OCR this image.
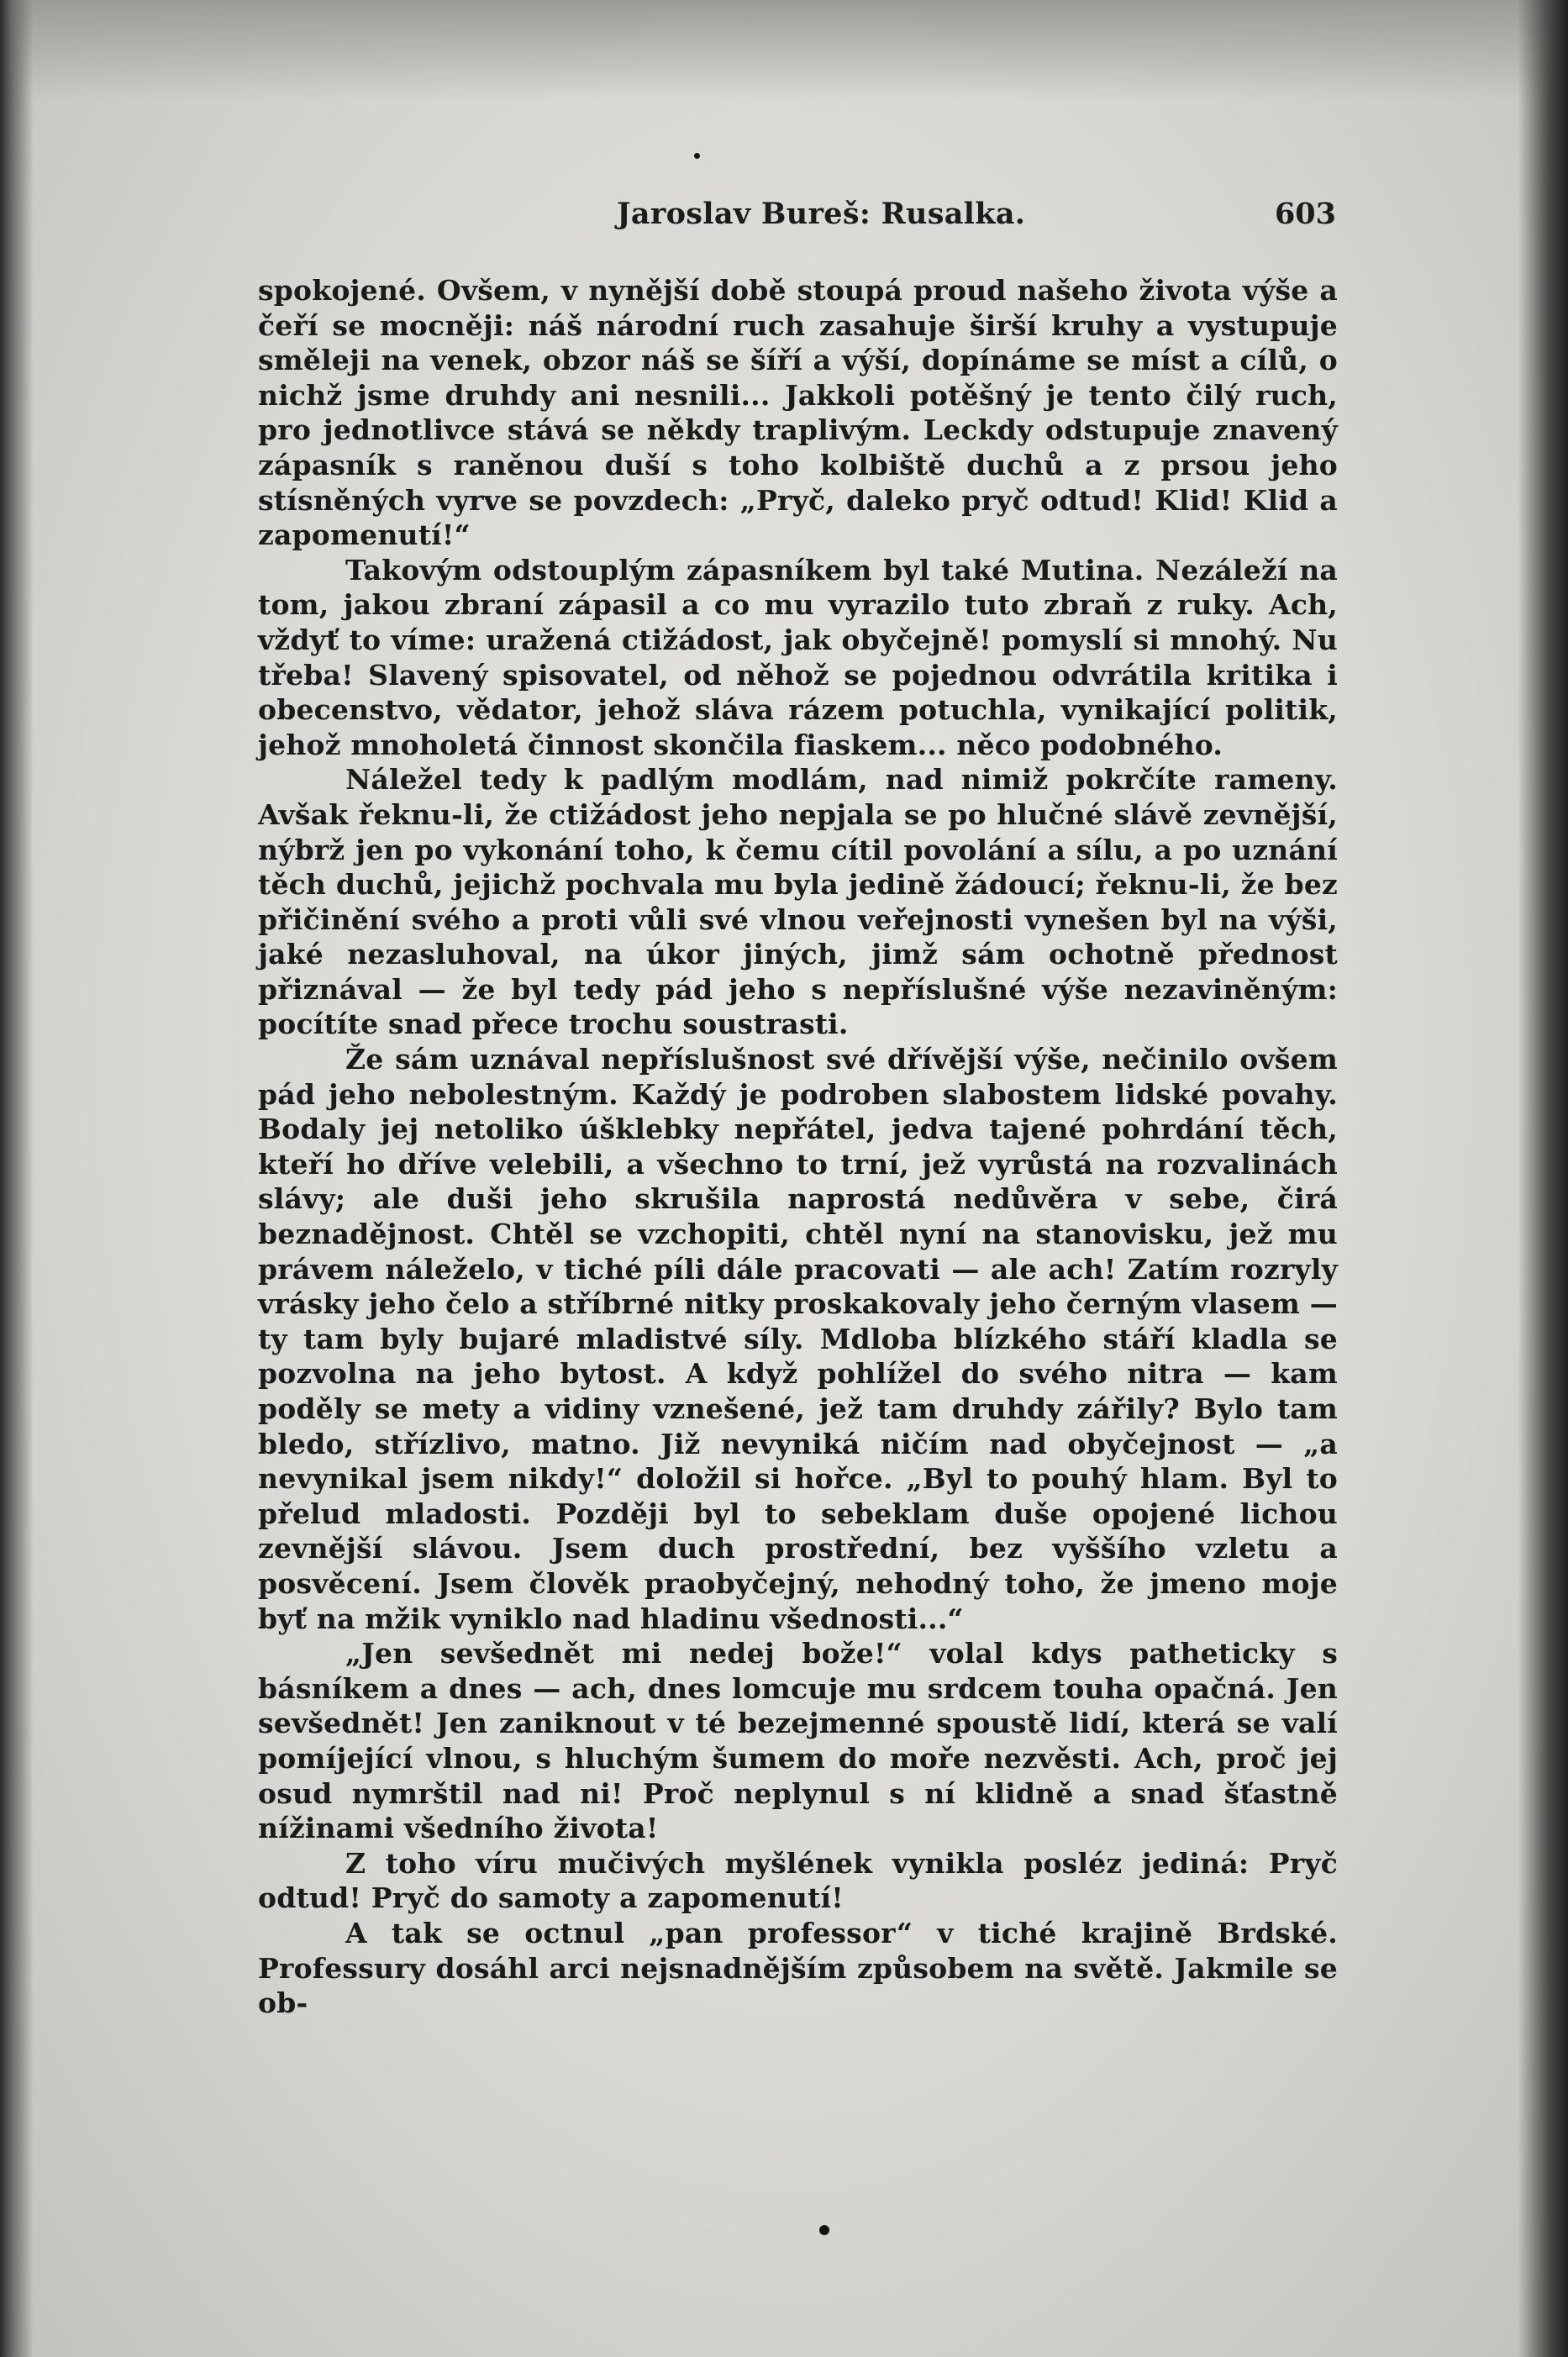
Jaroslav Bureš: Rusalka.	603

spokojené. Ovšem, v nynější době stoupá proud našeho života výše a čeří se mocněji: náš národní ruch zasahuje širší kruhy a vystupuje směleji na venek, obzor náš se šíří a výší, dopínáme se míst a cílů, o nichž jsme druhdy ani nesnili... Jakkoli potěšný je tento čilý ruch, pro jednotlivce stává se někdy traplivým. Leckdy odstupuje znavený zápasník s raněnou duší s toho kolbiště duchů a z prsou jeho stísněných vyrve se povzdech: „Pryč, daleko pryč odtud! Klid! Klid a zapomenutí!“

Takovým odstouplým zápasníkem byl také Mutina. Nezáleží na tom, jakou zbraní zápasil a co mu vyrazilo tuto zbraň z ruky. Ach, vždyť to víme: uražená ctižádost, jak obyčejně! pomyslí si mnohý. Nu třeba! Slavený spisovatel, od něhož se pojednou odvrátila kritika i obecenstvo, vědator, jehož sláva rázem potuchla, vynikající politik, jehož mnoholetá činnost skončila fiaskem... něco podobného.

Náležel tedy k padlým modlám, nad nimiž pokrčíte rameny. Avšak řeknu-li, že ctižádost jeho nepjala se po hlučné slávě zevnější, nýbrž jen po vykonání toho, k čemu cítil povolání a sílu, a po uznání těch duchů, jejichž pochvala mu byla jedině žádoucí; řeknu-li, že bez přičinění svého a proti vůli své vlnou veřejnosti vynešen byl na výši, jaké nezasluhoval, na úkor jiných, jimž sám ochotně přednost přiznával — že byl tedy pád jeho s nepříslušné výše nezaviněným: pocítíte snad přece trochu soustrasti.

Že sám uznával nepříslušnost své dřívější výše, nečinilo ovšem pád jeho nebolestným. Každý je podroben slabostem lidské povahy. Bodaly jej netoliko úšklebky nepřátel, jedva tajené pohrdání těch, kteří ho dříve velebili, a všechno to trní, jež vyrůstá na rozvalinách slávy; ale duši jeho skrušila naprostá nedůvěra v sebe, čirá beznadějnost. Chtěl se vzchopiti, chtěl nyní na stanovisku, jež mu právem náleželo, v tiché píli dále pracovati — ale ach! Zatím rozryly vrásky jeho čelo a stříbrné nitky proskakovaly jeho černým vlasem — ty tam byly bujaré mladistvé síly. Mdloba blízkého stáří kladla se pozvolna na jeho bytost. A když pohlížel do svého nitra — kam poděly se mety a vidiny vznešené, jež tam druhdy zářily? Bylo tam bledo, střízlivo, matno. Již nevyniká ničím nad obyčejnost — „a nevynikal jsem nikdy!“ doložil si hořce. „Byl to pouhý hlam. Byl to přelud mladosti. Později byl to sebeklam duše opojené lichou zevnější slávou. Jsem duch prostřední, bez vyššího vzletu a posvěcení. Jsem člověk praobyčejný, nehodný toho, že jmeno moje byť na mžik vyniklo nad hladinu všednosti...“

„Jen sevšednět mi nedej bože!“ volal kdys patheticky s básníkem a dnes — ach, dnes lomcuje mu srdcem touha opačná. Jen sevšednět! Jen zaniknout v té bezejmenné spoustě lidí, která se valí pomíjející vlnou, s hluchým šumem do moře nezvěsti. Ach, proč jej osud nymrštil nad ni! Proč neplynul s ní klidně a snad šťastně nížinami všedního života!

Z toho víru mučivých myšlének vynikla posléz jediná: Pryč odtud! Pryč do samoty a zapomenutí!

A tak se octnul „pan professor“ v tiché krajině Brdské. Professury dosáhl arci nejsnadnějším způsobem na světě. Jakmile se ob-
